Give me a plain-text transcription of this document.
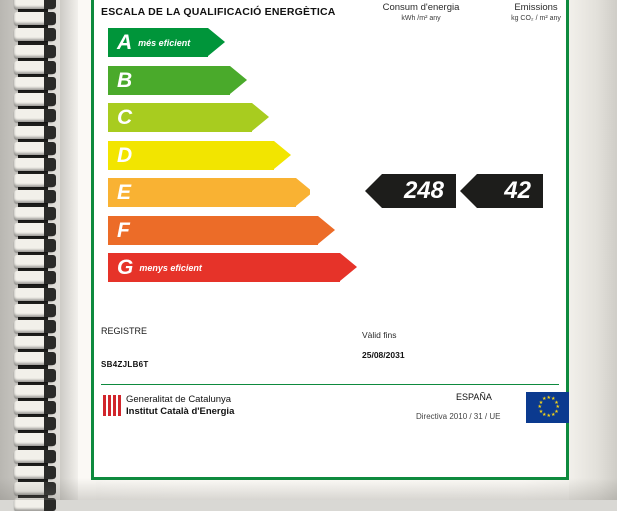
ESCALA DE LA QUALIFICACIÓ ENERGÈTICA	Consum d'energia
kWh /m² any
Emissions
kg CO₂ / m² any
A més eficient
B
C
D
E
F
G menys eficient
248	42
REGISTRE
SB4ZJLB6T
Vàlid fins
25/08/2031
Generalitat de Catalunya
Institut Català d'Energia
ESPAÑA
Directiva 2010 / 31 / UE
★ ★
★
★
★
★
★
★
★
★
★
★
